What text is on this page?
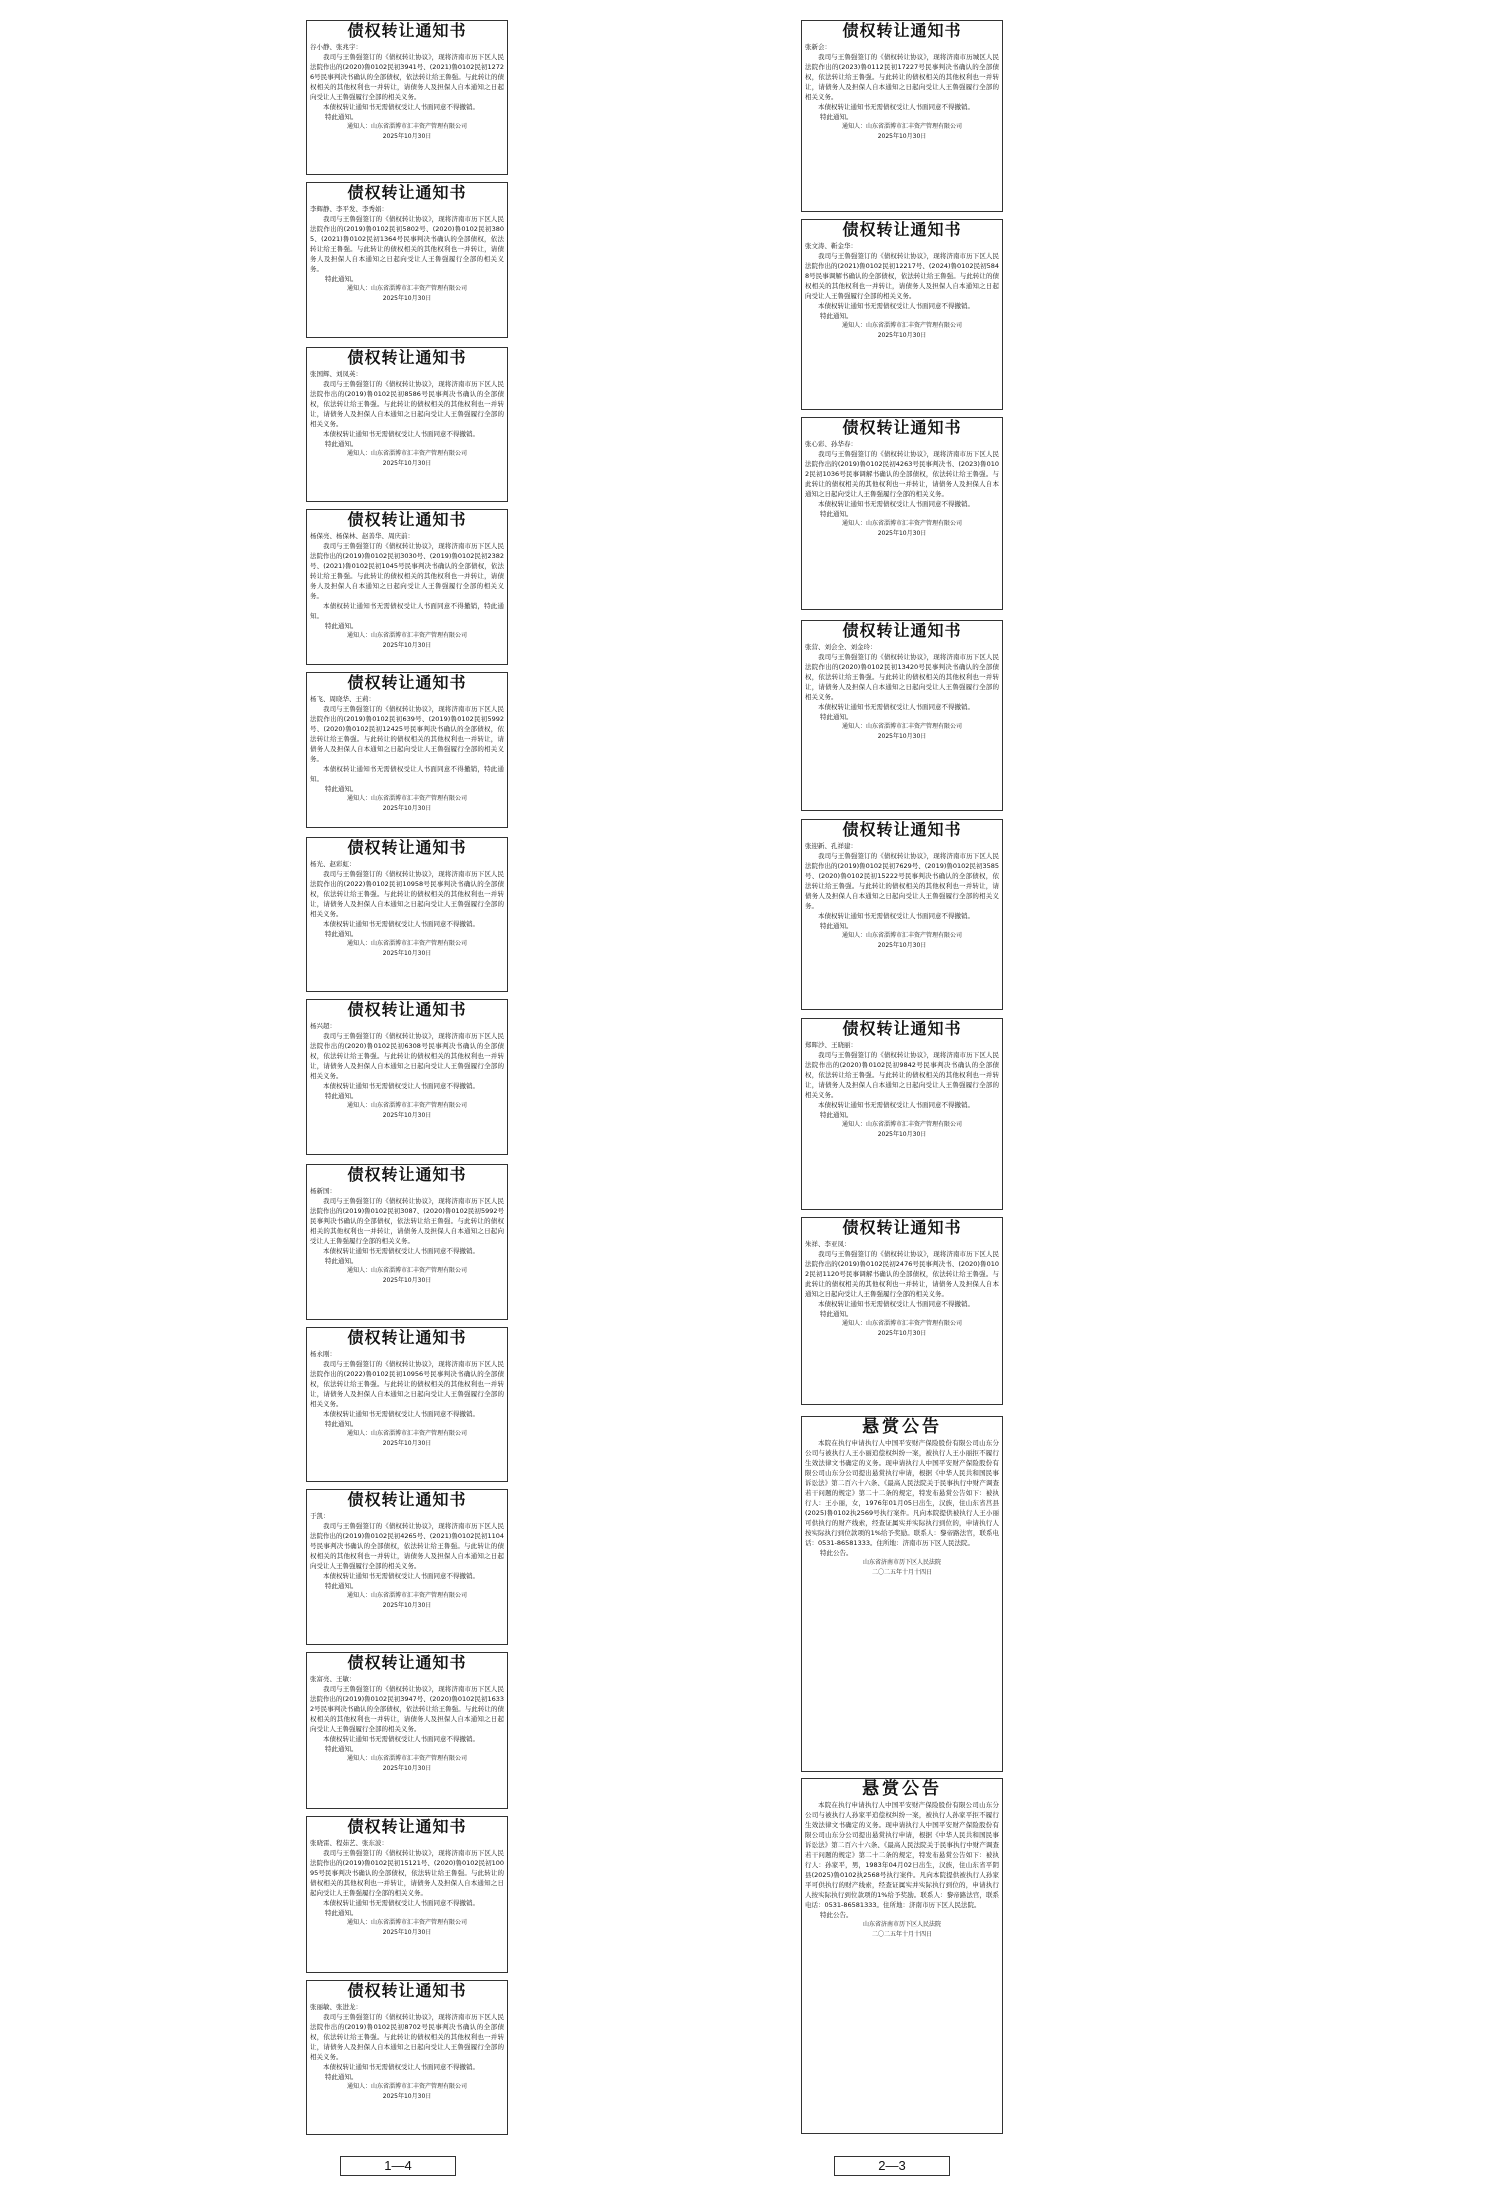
债权转让通知书
谷小静、张兆宇：
我司与王鲁强签订的《债权转让协议》，现将济南市历下区人民法院作出的(2020)鲁0102民初3941号、(2021)鲁0102民初12726号民事判决书确认的全部债权，依法转让给王鲁强。与此转让的债权相关的其他权利也一并转让，请债务人及担保人自本通知之日起向受让人王鲁强履行全部的相关义务。
本债权转让通知书无需债权受让人书面同意不得撤销。
特此通知。
通知人：山东省淄博市汇丰资产管理有限公司
2025年10月30日
债权转让通知书
李辉静、李平发、李秀娟：
我司与王鲁强签订的《债权转让协议》，现将济南市历下区人民法院作出的(2019)鲁0102民初5802号、(2020)鲁0102民初3805、(2021)鲁0102民初1364号民事判决书确认的全部债权，依法转让给王鲁强。与此转让的债权相关的其他权利也一并转让，请债务人及担保人自本通知之日起向受让人王鲁强履行全部的相关义务。
特此通知。
通知人：山东省淄博市汇丰资产管理有限公司
2025年10月30日
债权转让通知书
张国辉、刘凤英：
我司与王鲁强签订的《债权转让协议》，现将济南市历下区人民法院作出的(2019)鲁0102民初8586号民事判决书确认的全部债权，依法转让给王鲁强。与此转让的债权相关的其他权利也一并转让，请债务人及担保人自本通知之日起向受让人王鲁强履行全部的相关义务。
本债权转让通知书无需债权受让人书面同意不得撤销。
特此通知。
通知人：山东省淄博市汇丰资产管理有限公司
2025年10月30日
债权转让通知书
杨保亮、杨保林、赵善华、周庆前：
我司与王鲁强签订的《债权转让协议》，现将济南市历下区人民法院作出的(2019)鲁0102民初3030号、(2019)鲁0102民初2382号、(2021)鲁0102民初1045号民事判决书确认的全部债权，依法转让给王鲁强。与此转让的债权相关的其他权利也一并转让，请债务人及担保人自本通知之日起向受让人王鲁强履行全部的相关义务。
本债权转让通知书无需债权受让人书面同意不得撤销，特此通知。
特此通知。
通知人：山东省淄博市汇丰资产管理有限公司
2025年10月30日
债权转让通知书
杨飞、周晓华、王莉：
我司与王鲁强签订的《债权转让协议》，现将济南市历下区人民法院作出的(2019)鲁0102民初639号、(2019)鲁0102民初5992号、(2020)鲁0102民初12425号民事判决书确认的全部债权，依法转让给王鲁强。与此转让的债权相关的其他权利也一并转让，请债务人及担保人自本通知之日起向受让人王鲁强履行全部的相关义务。
本债权转让通知书无需债权受让人书面同意不得撤销，特此通知。
特此通知。
通知人：山东省淄博市汇丰资产管理有限公司
2025年10月30日
债权转让通知书
杨光、赵彩虹：
我司与王鲁强签订的《债权转让协议》，现将济南市历下区人民法院作出的(2022)鲁0102民初10958号民事判决书确认的全部债权，依法转让给王鲁强。与此转让的债权相关的其他权利也一并转让，请债务人及担保人自本通知之日起向受让人王鲁强履行全部的相关义务。
本债权转让通知书无需债权受让人书面同意不得撤销。
特此通知。
通知人：山东省淄博市汇丰资产管理有限公司
2025年10月30日
债权转让通知书
杨兴超：
我司与王鲁强签订的《债权转让协议》，现将济南市历下区人民法院作出的(2020)鲁0102民初6308号民事判决书确认的全部债权，依法转让给王鲁强。与此转让的债权相关的其他权利也一并转让，请债务人及担保人自本通知之日起向受让人王鲁强履行全部的相关义务。
本债权转让通知书无需债权受让人书面同意不得撤销。
特此通知。
通知人：山东省淄博市汇丰资产管理有限公司
2025年10月30日
债权转让通知书
杨新国：
我司与王鲁强签订的《债权转让协议》，现将济南市历下区人民法院作出的(2019)鲁0102民初3087、(2020)鲁0102民初5992号民事判决书确认的全部债权，依法转让给王鲁强。与此转让的债权相关的其他权利也一并转让，请债务人及担保人自本通知之日起向受让人王鲁强履行全部的相关义务。
本债权转让通知书无需债权受让人书面同意不得撤销。
特此通知。
通知人：山东省淄博市汇丰资产管理有限公司
2025年10月30日
债权转让通知书
杨永刚：
我司与王鲁强签订的《债权转让协议》，现将济南市历下区人民法院作出的(2022)鲁0102民初10956号民事判决书确认的全部债权，依法转让给王鲁强。与此转让的债权相关的其他权利也一并转让，请债务人及担保人自本通知之日起向受让人王鲁强履行全部的相关义务。
本债权转让通知书无需债权受让人书面同意不得撤销。
特此通知。
通知人：山东省淄博市汇丰资产管理有限公司
2025年10月30日
债权转让通知书
于凯：
我司与王鲁强签订的《债权转让协议》，现将济南市历下区人民法院作出的(2019)鲁0102民初4265号、(2021)鲁0102民初1104号民事判决书确认的全部债权，依法转让给王鲁强。与此转让的债权相关的其他权利也一并转让，请债务人及担保人自本通知之日起向受让人王鲁强履行全部的相关义务。
本债权转让通知书无需债权受让人书面同意不得撤销。
特此通知。
通知人：山东省淄博市汇丰资产管理有限公司
2025年10月30日
债权转让通知书
张富亮、王敏：
我司与王鲁强签订的《债权转让协议》，现将济南市历下区人民法院作出的(2019)鲁0102民初3947号、(2020)鲁0102民初16332号民事判决书确认的全部债权，依法转让给王鲁强。与此转让的债权相关的其他权利也一并转让，请债务人及担保人自本通知之日起向受让人王鲁强履行全部的相关义务。
本债权转让通知书无需债权受让人书面同意不得撤销。
特此通知。
通知人：山东省淄博市汇丰资产管理有限公司
2025年10月30日
债权转让通知书
张晓雷、程茹艺、张东波：
我司与王鲁强签订的《债权转让协议》，现将济南市历下区人民法院作出的(2019)鲁0102民初15121号、(2020)鲁0102民初10095号民事判决书确认的全部债权，依法转让给王鲁强。与此转让的债权相关的其他权利也一并转让，请债务人及担保人自本通知之日起向受让人王鲁强履行全部的相关义务。
本债权转让通知书无需债权受让人书面同意不得撤销。
特此通知。
通知人：山东省淄博市汇丰资产管理有限公司
2025年10月30日
债权转让通知书
张丽敏、张进龙：
我司与王鲁强签订的《债权转让协议》，现将济南市历下区人民法院作出的(2019)鲁0102民初8702号民事判决书确认的全部债权，依法转让给王鲁强。与此转让的债权相关的其他权利也一并转让，请债务人及担保人自本通知之日起向受让人王鲁强履行全部的相关义务。
本债权转让通知书无需债权受让人书面同意不得撤销。
特此通知。
通知人：山东省淄博市汇丰资产管理有限公司
2025年10月30日
债权转让通知书
张新会：
我司与王鲁强签订的《债权转让协议》，现将济南市历城区人民法院作出的(2023)鲁0112民初17227号民事判决书确认的全部债权，依法转让给王鲁强。与此转让的债权相关的其他权利也一并转让，请债务人及担保人自本通知之日起向受让人王鲁强履行全部的相关义务。
本债权转让通知书无需债权受让人书面同意不得撤销。
特此通知。
通知人：山东省淄博市汇丰资产管理有限公司
2025年10月30日
债权转让通知书
张文涛、靳金华：
我司与王鲁强签订的《债权转让协议》，现将济南市历下区人民法院作出的(2021)鲁0102民初12217号、(2024)鲁0102民初5848号民事调解书确认的全部债权，依法转让给王鲁强。与此转让的债权相关的其他权利也一并转让，请债务人及担保人自本通知之日起向受让人王鲁强履行全部的相关义务。
本债权转让通知书无需债权受让人书面同意不得撤销。
特此通知。
通知人：山东省淄博市汇丰资产管理有限公司
2025年10月30日
债权转让通知书
张心彩、孙华春：
我司与王鲁强签订的《债权转让协议》，现将济南市历下区人民法院作出的(2019)鲁0102民初4263号民事判决书、(2023)鲁0102民初1036号民事调解书确认的全部债权，依法转让给王鲁强。与此转让的债权相关的其他权利也一并转让，请债务人及担保人自本通知之日起向受让人王鲁强履行全部的相关义务。
本债权转让通知书无需债权受让人书面同意不得撤销。
特此通知。
通知人：山东省淄博市汇丰资产管理有限公司
2025年10月30日
债权转让通知书
张营、刘会全、刘金玲：
我司与王鲁强签订的《债权转让协议》，现将济南市历下区人民法院作出的(2020)鲁0102民初13420号民事判决书确认的全部债权，依法转让给王鲁强。与此转让的债权相关的其他权利也一并转让，请债务人及担保人自本通知之日起向受让人王鲁强履行全部的相关义务。
本债权转让通知书无需债权受让人书面同意不得撤销。
特此通知。
通知人：山东省淄博市汇丰资产管理有限公司
2025年10月30日
债权转让通知书
张迎新、孔祥建：
我司与王鲁强签订的《债权转让协议》，现将济南市历下区人民法院作出的(2019)鲁0102民初7629号、(2019)鲁0102民初3585号、(2020)鲁0102民初15222号民事判决书确认的全部债权，依法转让给王鲁强。与此转让的债权相关的其他权利也一并转让，请债务人及担保人自本通知之日起向受让人王鲁强履行全部的相关义务。
本债权转让通知书无需债权受让人书面同意不得撤销。
特此通知。
通知人：山东省淄博市汇丰资产管理有限公司
2025年10月30日
债权转让通知书
郑晖沙、王晓丽：
我司与王鲁强签订的《债权转让协议》，现将济南市历下区人民法院作出的(2020)鲁0102民初9842号民事判决书确认的全部债权，依法转让给王鲁强。与此转让的债权相关的其他权利也一并转让，请债务人及担保人自本通知之日起向受让人王鲁强履行全部的相关义务。
本债权转让通知书无需债权受让人书面同意不得撤销。
特此通知。
通知人：山东省淄博市汇丰资产管理有限公司
2025年10月30日
债权转让通知书
朱祥、李亚凤：
我司与王鲁强签订的《债权转让协议》，现将济南市历下区人民法院作出的(2019)鲁0102民初2476号民事判决书、(2020)鲁0102民初1120号民事调解书确认的全部债权，依法转让给王鲁强。与此转让的债权相关的其他权利也一并转让，请债务人及担保人自本通知之日起向受让人王鲁强履行全部的相关义务。
本债权转让通知书无需债权受让人书面同意不得撤销。
特此通知。
通知人：山东省淄博市汇丰资产管理有限公司
2025年10月30日
悬赏公告
本院在执行申请执行人中国平安财产保险股份有限公司山东分公司与被执行人王小丽追偿权纠纷一案，被执行人王小丽拒不履行生效法律文书确定的义务。现申请执行人中国平安财产保险股份有限公司山东分公司提出悬赏执行申请，根据《中华人民共和国民事诉讼法》第二百六十六条、《最高人民法院关于民事执行中财产调查若干问题的规定》第二十二条的规定，特发布悬赏公告如下：被执行人：王小丽，女，1976年01月05日出生，汉族，住山东省莒县(2025)鲁0102执2569号执行案件。凡向本院提供被执行人王小丽可供执行的财产线索，经查证属实并实际执行到位的，申请执行人按实际执行到位款项的1%给予奖励。联系人：黎帝路法官，联系电话：0531-86581333。住所地：济南市历下区人民法院。
特此公告。
山东省济南市历下区人民法院
二〇二五年十月十四日
悬赏公告
本院在执行申请执行人中国平安财产保险股份有限公司山东分公司与被执行人孙家平追偿权纠纷一案，被执行人孙家平拒不履行生效法律文书确定的义务。现申请执行人中国平安财产保险股份有限公司山东分公司提出悬赏执行申请，根据《中华人民共和国民事诉讼法》第二百六十六条、《最高人民法院关于民事执行中财产调查若干问题的规定》第二十二条的规定，特发布悬赏公告如下：被执行人：孙家平，男，1983年04月02日出生，汉族，住山东省平阴县(2025)鲁0102执2568号执行案件。凡向本院提供被执行人孙家平可供执行的财产线索，经查证属实并实际执行到位的，申请执行人按实际执行到位款项的1%给予奖励。联系人：黎帝路法官，联系电话：0531-86581333。住所地：济南市历下区人民法院。
特此公告。
山东省济南市历下区人民法院
二〇二五年十月十四日
1—4	2—3
